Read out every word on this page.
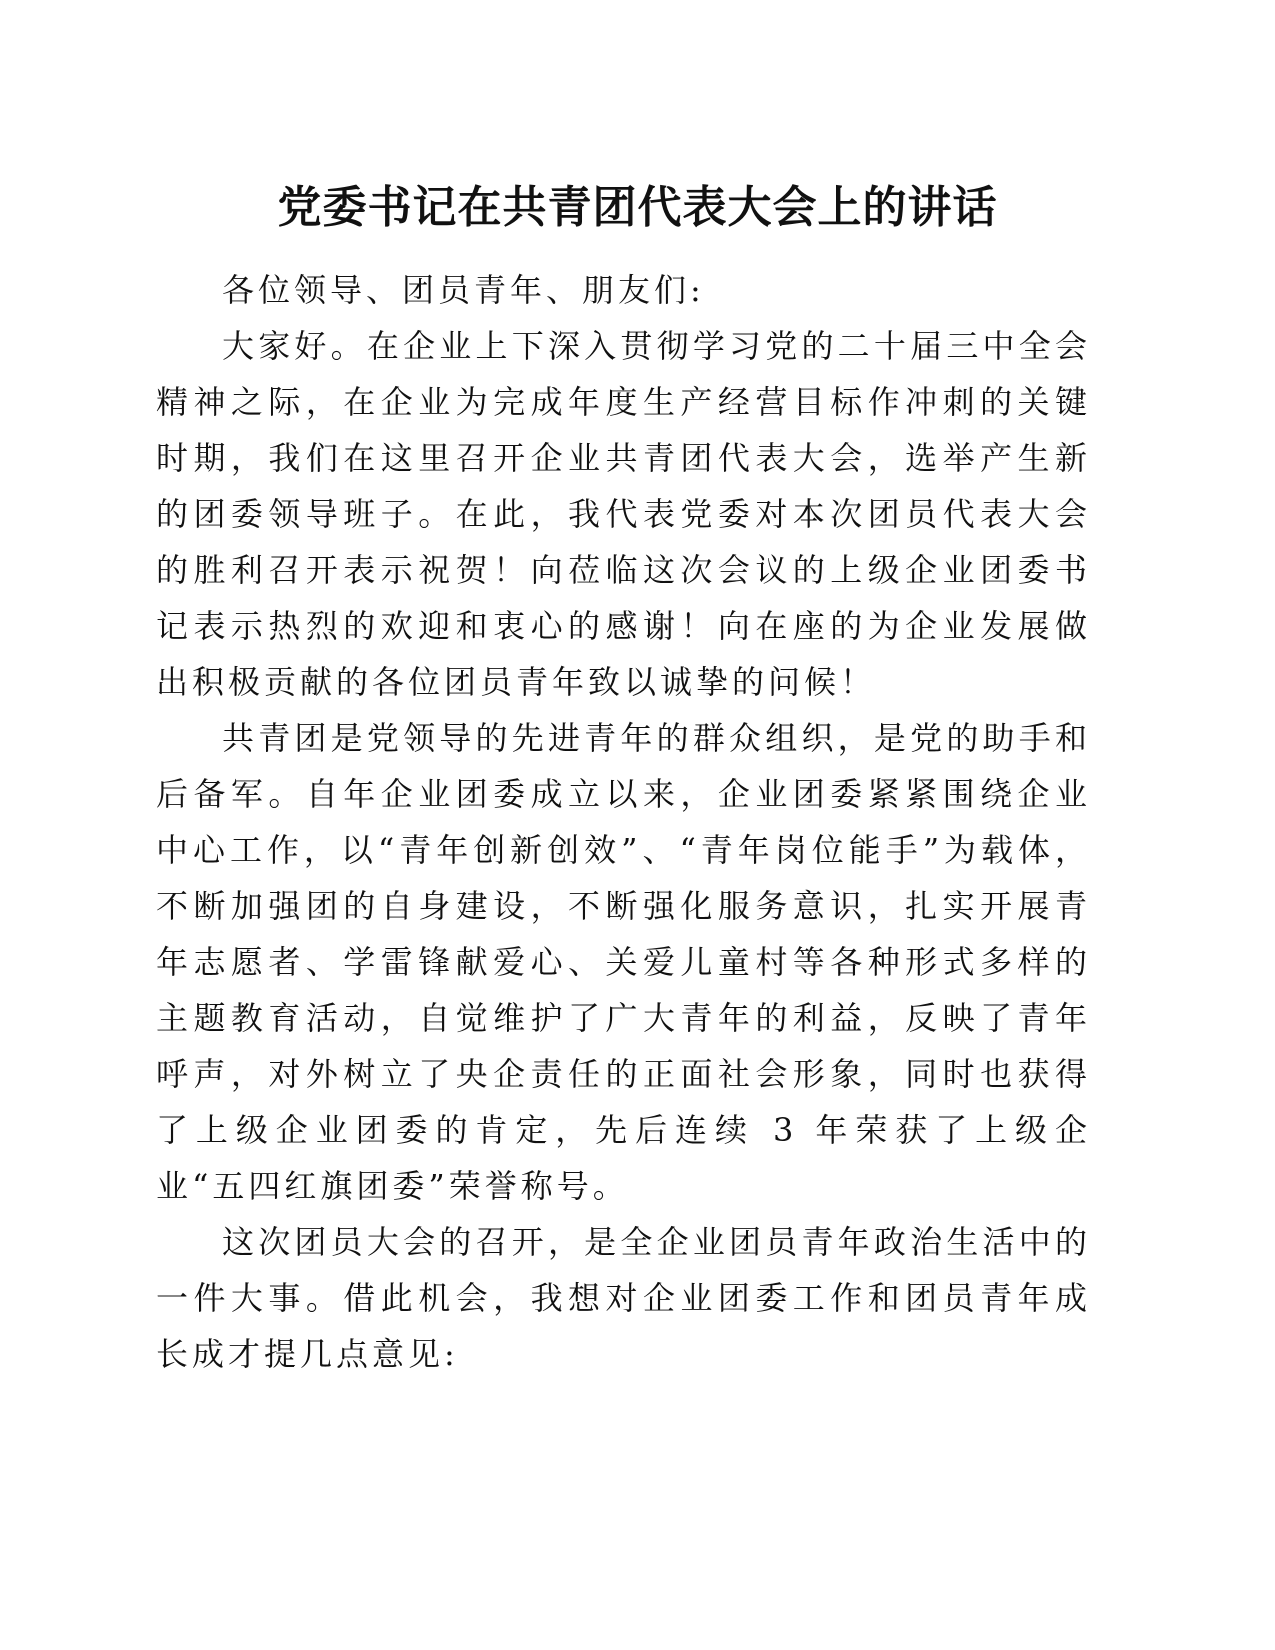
党委书记在共青团代表大会上的讲话

各位领导、团员青年、朋友们:

大家好。在企业上下深入贯彻学习党的二十届三中全会精神之际，在企业为完成年度生产经营目标作冲刺的关键时期，我们在这里召开企业共青团代表大会，选举产生新的团委领导班子。在此，我代表党委对本次团员代表大会的胜利召开表示祝贺！向莅临这次会议的上级企业团委书记表示热烈的欢迎和衷心的感谢！向在座的为企业发展做出积极贡献的各位团员青年致以诚挚的问候！

共青团是党领导的先进青年的群众组织，是党的助手和后备军。自年企业团委成立以来，企业团委紧紧围绕企业中心工作，以“青年创新创效”、“青年岗位能手”为载体，不断加强团的自身建设，不断强化服务意识，扎实开展青年志愿者、学雷锋献爱心、关爱儿童村等各种形式多样的主题教育活动，自觉维护了广大青年的利益，反映了青年呼声，对外树立了央企责任的正面社会形象，同时也获得了上级企业团委的肯定，先后连续 3 年荣获了上级企业“五四红旗团委”荣誉称号。

这次团员大会的召开，是全企业团员青年政治生活中的一件大事。借此机会，我想对企业团委工作和团员青年成长成才提几点意见:
